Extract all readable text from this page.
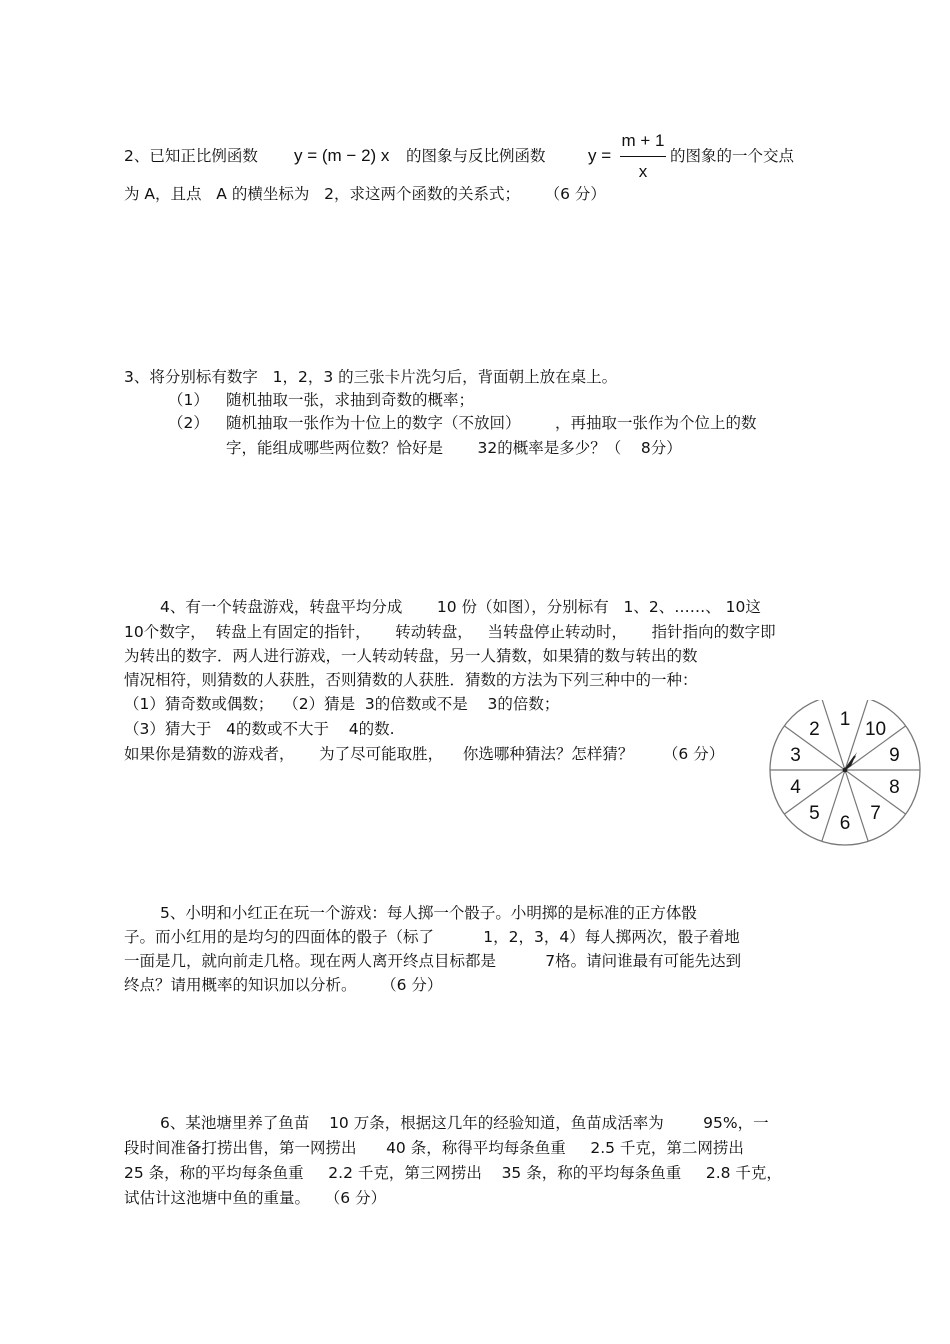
2、已知正比例函数 y = (m − 2) x 的图象与反比例函数 y =
m + 1
x
的图象的一个交点
为 A，且点   A 的横坐标为   2，求这两个函数的关系式；     （6 分）
3、将分别标有数字   1，2，3 的三张卡片洗匀后，背面朝上放在桌上。
（1） 随机抽取一张，求抽到奇数的概率；
（2） 随机抽取一张作为十位上的数字（不放回）       ，再抽取一张作为个位上的数
字，能组成哪些两位数？恰好是       32的概率是多少？（    8分）
4、有一个转盘游戏，转盘平均分成       10 份（如图），分别标有   1、2、……、 10这
10个数字，  转盘上有固定的指针，     转动转盘，   当转盘停止转动时，     指针指向的数字即
为转出的数字．两人进行游戏，一人转动转盘，另一人猜数，如果猜的数与转出的数
情况相符，则猜数的人获胜，否则猜数的人获胜．猜数的方法为下列三种中的一种：
（1）猜奇数或偶数；  （2）猜是  3的倍数或不是    3的倍数；
（3）猜大于   4的数或不大于    4的数.
如果你是猜数的游戏者，     为了尽可能取胜，    你选哪种猜法？怎样猜？      （6 分）
1
2
3
4
5 6 7
8
9
10
5、小明和小红正在玩一个游戏：每人掷一个骰子。小明掷的是标准的正方体骰
子。而小红用的是均匀的四面体的骰子（标了          1，2，3，4）每人掷两次，骰子着地
一面是几，就向前走几格。现在两人离开终点目标都是          7格。请问谁最有可能先达到
终点？请用概率的知识加以分析。     （6 分）
6、某池塘里养了鱼苗    10 万条，根据这几年的经验知道，鱼苗成活率为        95%，一
段时间准备打捞出售，第一网捞出      40 条，称得平均每条鱼重     2.5 千克，第二网捞出
25 条，称的平均每条鱼重     2.2 千克，第三网捞出    35 条，称的平均每条鱼重     2.8 千克，
试估计这池塘中鱼的重量。   （6 分）
